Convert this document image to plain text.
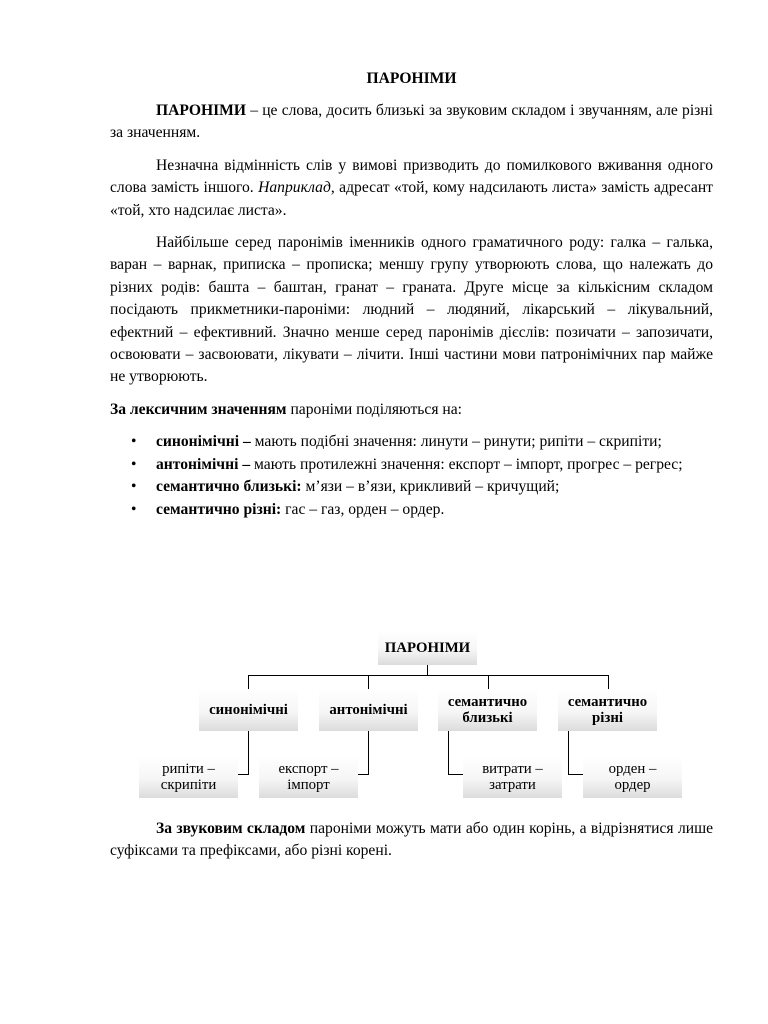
ПАРОНІМИ

ПАРОНІМИ – це слова, досить близькі за звуковим складом і звучанням, але різні за значенням.

Незначна відмінність слів у вимові призводить до помилкового вживання одного слова замість іншого. Наприклад, адресат «той, кому надсилають листа» замість адресант «той, хто надсилає листа».

Найбільше серед паронімів іменників одного граматичного роду: галка – галька, варан – варнак, приписка – прописка; меншу групу утворюють слова, що належать до різних родів: башта – баштан, гранат – граната. Друге місце за кількісним складом посідають прикметники-пароніми: людний – людяний, лікарський – лікувальний, ефектний – ефективний. Значно менше серед паронімів дієслів: позичати – запозичати, освоювати – засвоювати, лікувати – лічити. Інші частини мови патронімічних пар майже не утворюють.

За лексичним значенням пароніми поділяються на:

• синонімічні – мають подібні значення: линути – ринути; рипіти – скрипіти;
• антонімічні – мають протилежні значення: експорт – імпорт, прогрес – регрес;
• семантично близькі: м’язи – в’язи, крикливий – кричущий;
• семантично різні: гас – газ, орден – ордер.
ПАРОНІМИ
синонімічні	антонімічні	семантично близькі
семантично різні
рипіти – скрипіти
експорт – імпорт
витрати – затрати
орден – ордер

За звуковим складом пароніми можуть мати або один корінь, а відрізнятися лише суфіксами та префіксами, або різні корені.
